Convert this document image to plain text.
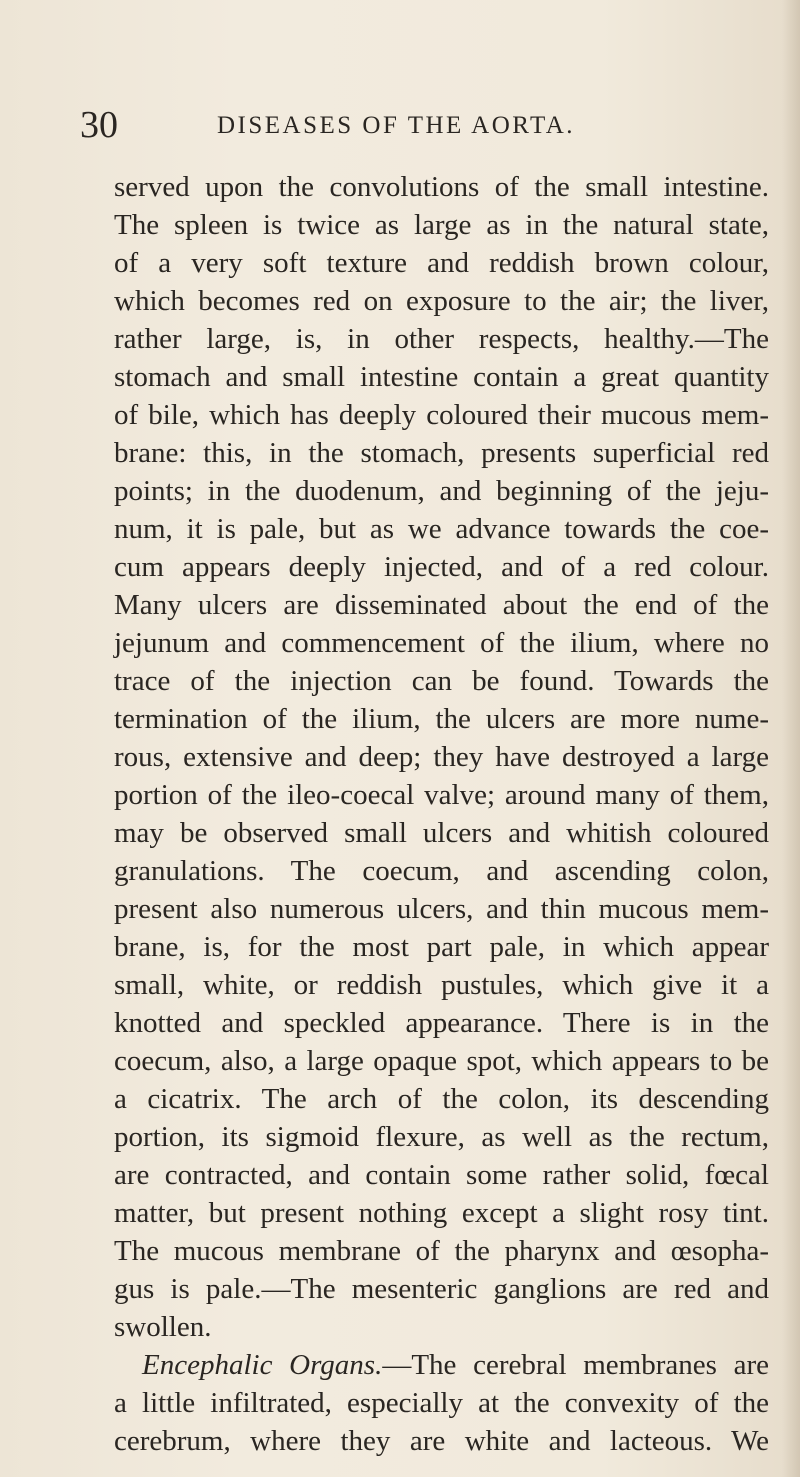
30	DISEASES OF THE AORTA.
served upon the convolutions of the small intestine.
The spleen is twice as large as in the natural state,
of a very soft texture and reddish brown colour,
which becomes red on exposure to the air; the liver,
rather large, is, in other respects, healthy.—The
stomach and small intestine contain a great quantity
of bile, which has deeply coloured their mucous mem-
brane: this, in the stomach, presents superficial red
points; in the duodenum, and beginning of the jeju-
num, it is pale, but as we advance towards the coe-
cum appears deeply injected, and of a red colour.
Many ulcers are disseminated about the end of the
jejunum and commencement of the ilium, where no
trace of the injection can be found. Towards the
termination of the ilium, the ulcers are more nume-
rous, extensive and deep; they have destroyed a large
portion of the ileo-coecal valve; around many of them,
may be observed small ulcers and whitish coloured
granulations. The coecum, and ascending colon,
present also numerous ulcers, and thin mucous mem-
brane, is, for the most part pale, in which appear
small, white, or reddish pustules, which give it a
knotted and speckled appearance. There is in the
coecum, also, a large opaque spot, which appears to be
a cicatrix. The arch of the colon, its descending
portion, its sigmoid flexure, as well as the rectum,
are contracted, and contain some rather solid, fœcal
matter, but present nothing except a slight rosy tint.
The mucous membrane of the pharynx and œsopha-
gus is pale.—The mesenteric ganglions are red and
swollen.
Encephalic Organs.—The cerebral membranes are
a little infiltrated, especially at the convexity of the
cerebrum, where they are white and lacteous. We
